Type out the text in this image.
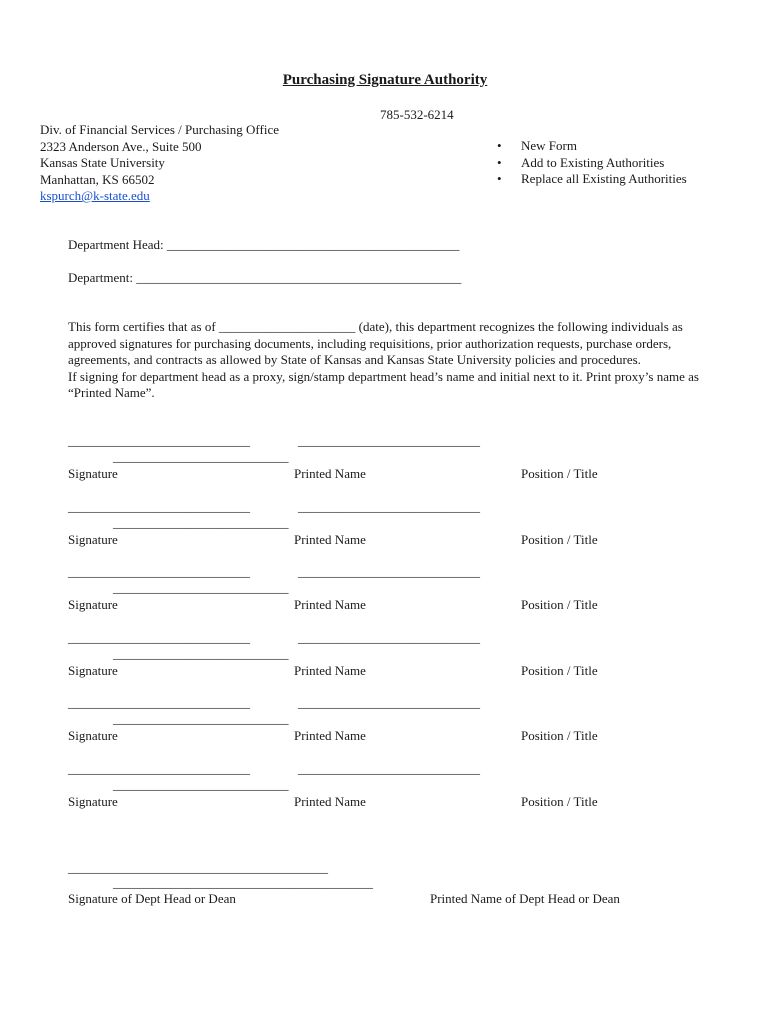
Purchasing Signature Authority
785-532-6214
Div. of Financial Services / Purchasing Office
2323 Anderson Ave., Suite 500
Kansas State University
Manhattan, KS 66502
kspurch@k-state.edu
• New Form
• Add to Existing Authorities
• Replace all Existing Authorities
Department Head: _____________________________________________
Department: __________________________________________________

This form certifies that as of _____________________ (date), this department recognizes the following individuals as approved signatures for purchasing documents, including requisitions, prior authorization requests, purchase orders, agreements, and contracts as allowed by State of Kansas and Kansas State University policies and procedures.

If signing for department head as a proxy, sign/stamp department head’s name and initial next to it. Print proxy’s name as “Printed Name”.

____________________________	____________________________
___________________________
Signature	Printed Name	Position / Title
____________________________	____________________________
___________________________
Signature	Printed Name	Position / Title
____________________________	____________________________
___________________________
Signature	Printed Name	Position / Title
____________________________	____________________________
___________________________
Signature	Printed Name	Position / Title
____________________________	____________________________
___________________________
Signature	Printed Name	Position / Title
____________________________	____________________________
___________________________
Signature	Printed Name	Position / Title
________________________________________
________________________________________
Signature of Dept Head or Dean	Printed Name of Dept Head or Dean
